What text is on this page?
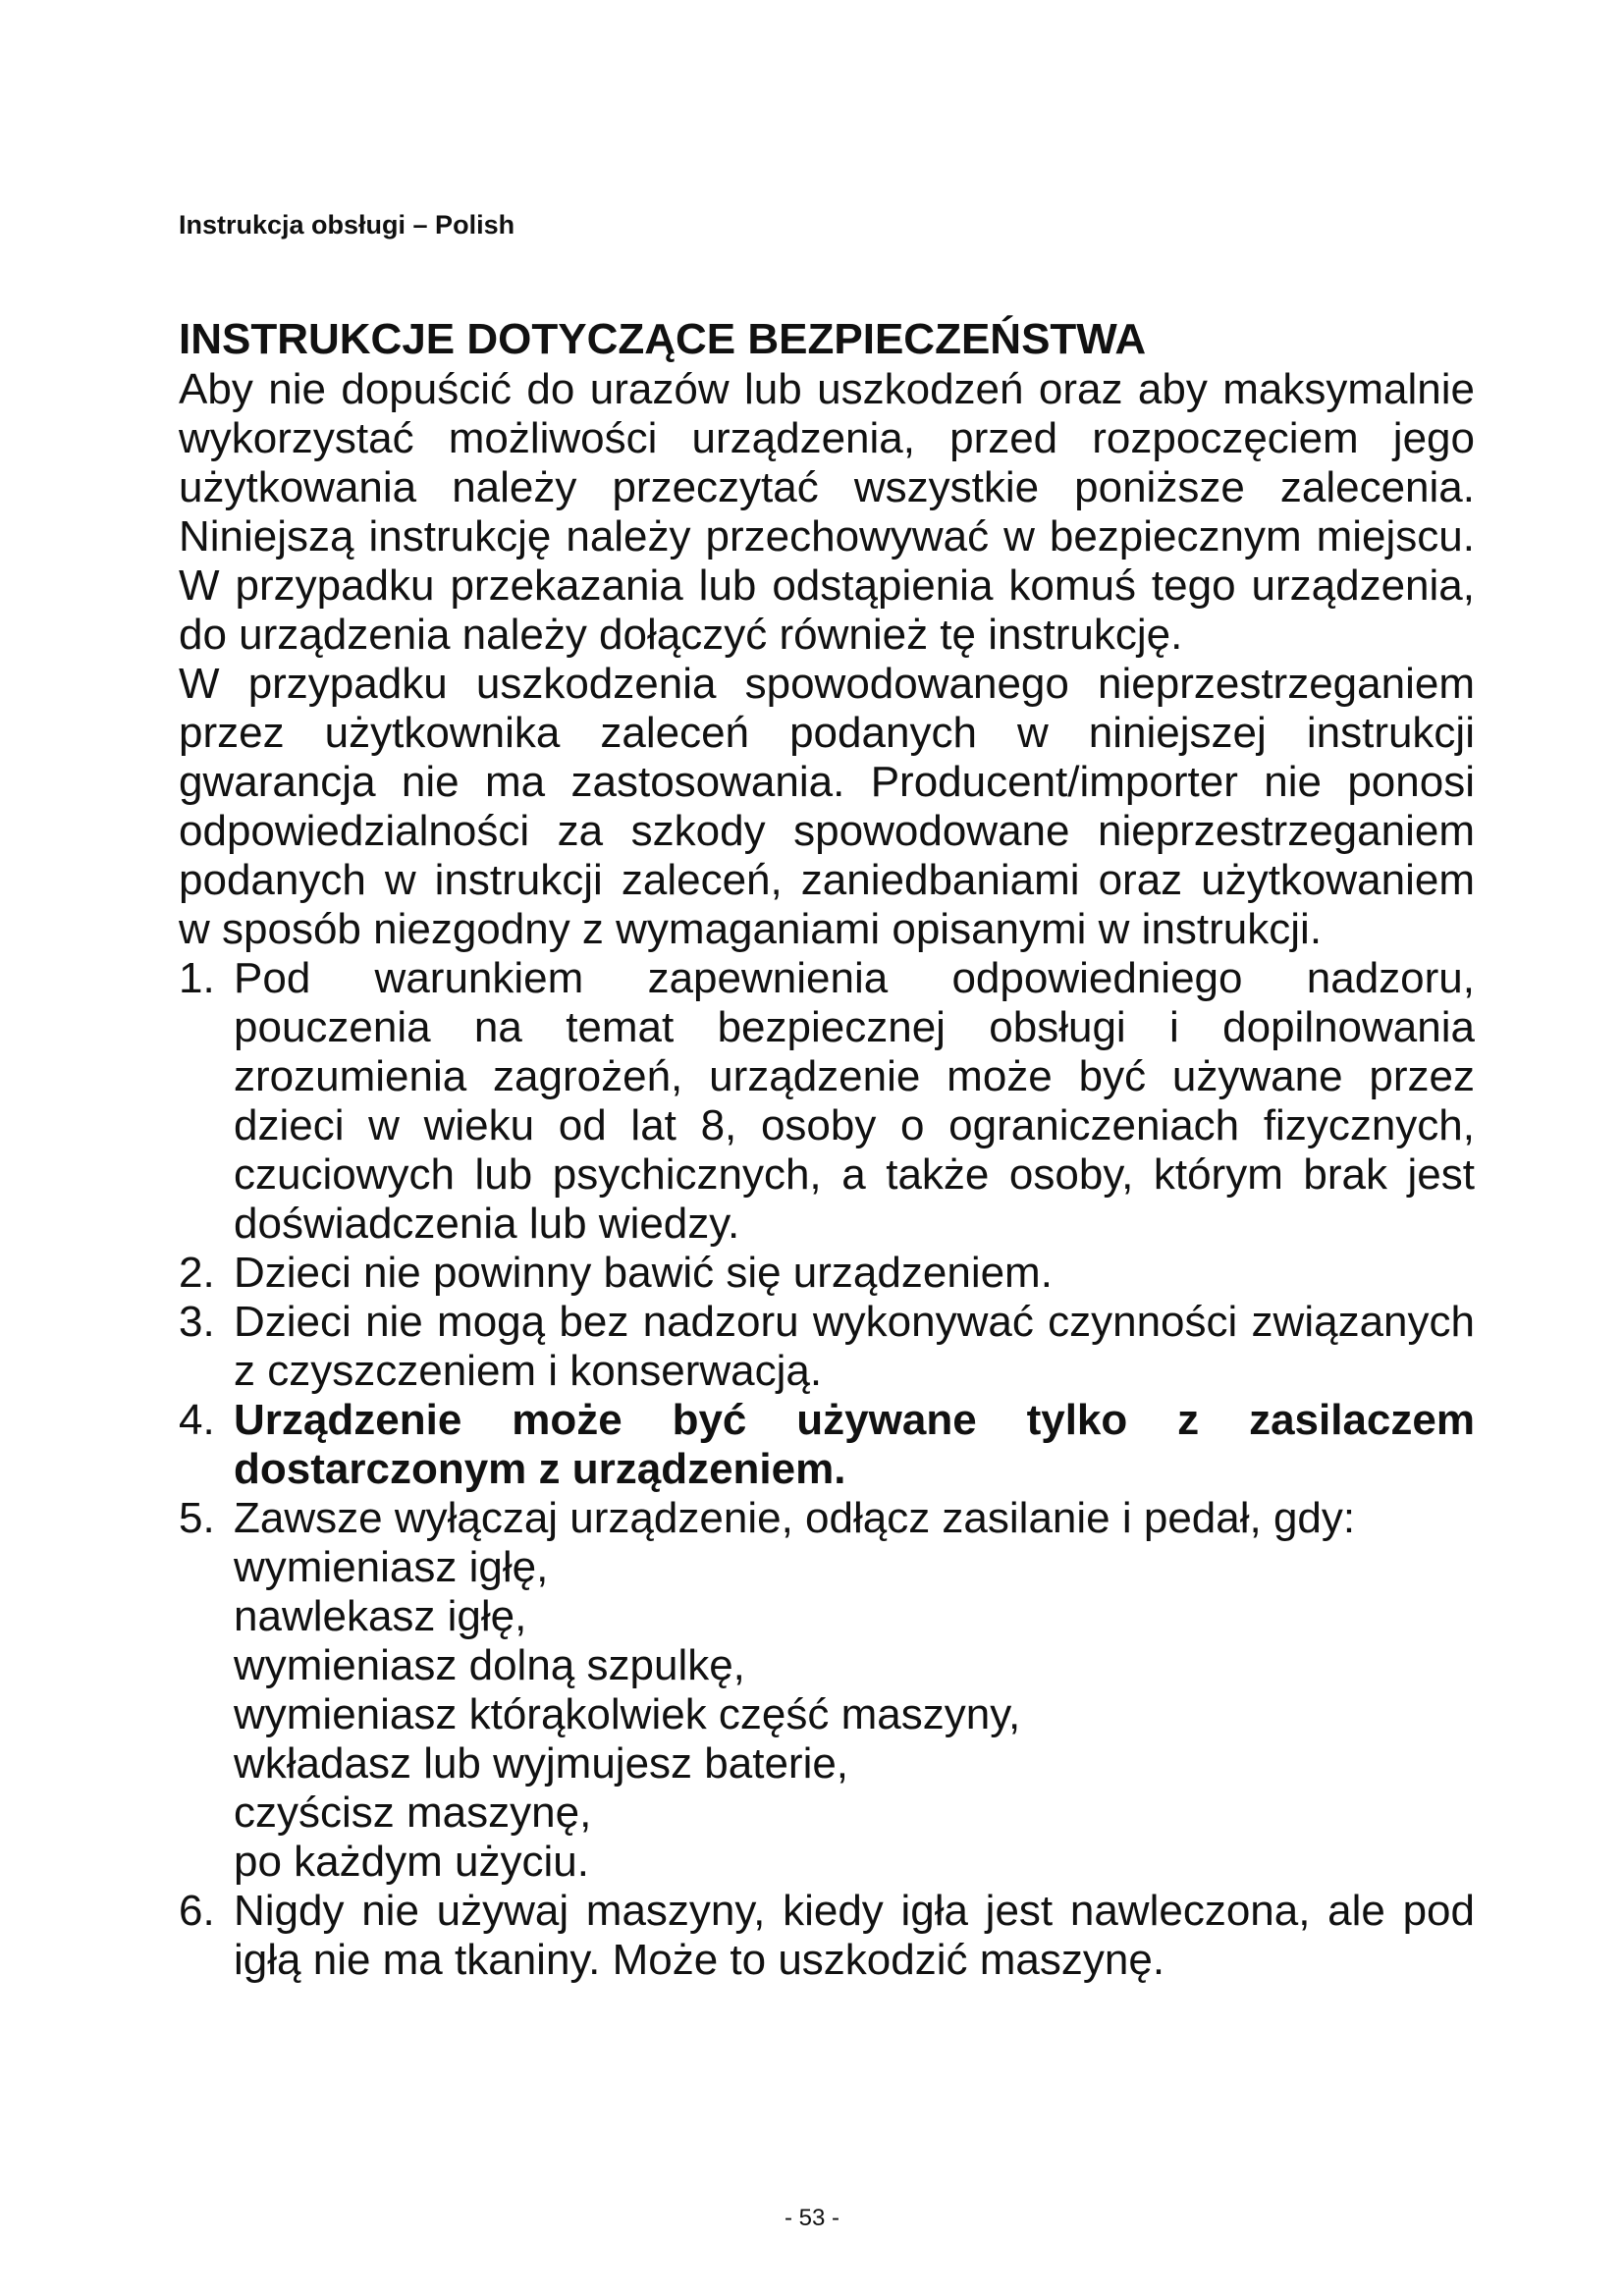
Instrukcja obsługi – Polish
INSTRUKCJE DOTYCZĄCE BEZPIECZEŃSTWA

Aby nie dopuścić do urazów lub uszkodzeń oraz aby maksymalnie wykorzystać możliwości urządzenia, przed rozpoczęciem jego użytkowania należy przeczytać wszystkie poniższe zalecenia. Niniejszą instrukcję należy przechowywać w bezpiecznym miejscu. W przypadku przekazania lub odstąpienia komuś tego urządzenia, do urządzenia należy dołączyć również tę instrukcję.

W przypadku uszkodzenia spowodowanego nieprzestrzeganiem przez użytkownika zaleceń podanych w niniejszej instrukcji gwarancja nie ma zastosowania. Producent/importer nie ponosi odpowiedzialności za szkody spowodowane nieprzestrzeganiem podanych w instrukcji zaleceń, zaniedbaniami oraz użytkowaniem w sposób niezgodny z wymaganiami opisanymi w instrukcji.

1. Pod warunkiem zapewnienia odpowiedniego nadzoru, pouczenia na temat bezpiecznej obsługi i dopilnowania zrozumienia zagrożeń, urządzenie może być używane przez dzieci w wieku od lat 8, osoby o ograniczeniach fizycznych, czuciowych lub psychicznych, a także osoby, którym brak jest doświadczenia lub wiedzy.
2. Dzieci nie powinny bawić się urządzeniem.
3. Dzieci nie mogą bez nadzoru wykonywać czynności związanych z czyszczeniem i konserwacją.
4. Urządzenie może być używane tylko z zasilaczem dostarczonym z urządzeniem.
5. Zawsze wyłączaj urządzenie, odłącz zasilanie i pedał, gdy:
wymieniasz igłę,
nawlekasz igłę,
wymieniasz dolną szpulkę,
wymieniasz którąkolwiek część maszyny,
wkładasz lub wyjmujesz baterie,
czyścisz maszynę,
po każdym użyciu.
6. Nigdy nie używaj maszyny, kiedy igła jest nawleczona, ale pod igłą nie ma tkaniny. Może to uszkodzić maszynę.
- 53 -
